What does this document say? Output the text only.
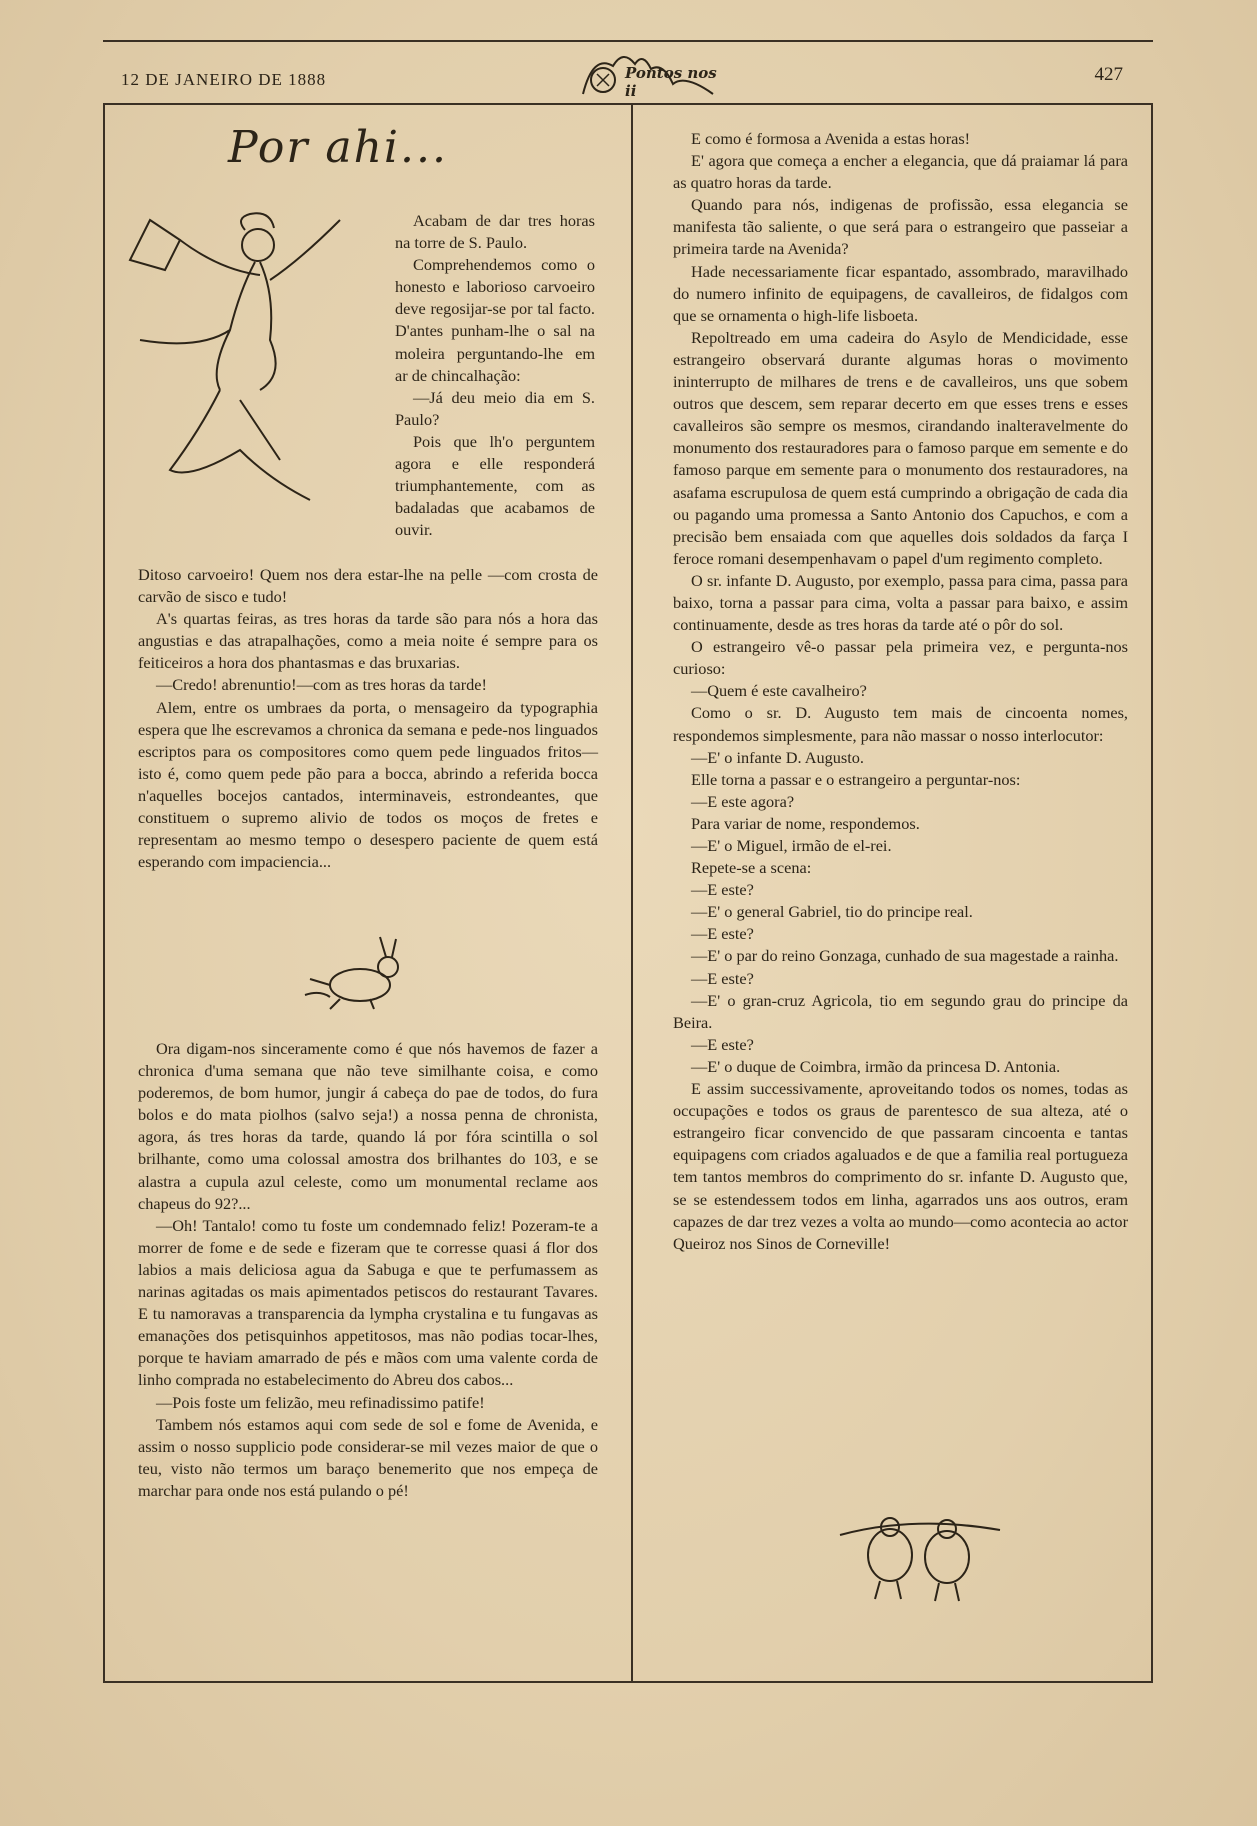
12 DE JANEIRO DE 1888	Pontos nos ii
427
Por ahi...

Acabam de dar tres horas na torre de S. Paulo.

Comprehendemos como o honesto e laborioso carvoeiro deve regosijar-se por tal facto. D'antes punham-lhe o sal na moleira perguntando-lhe em ar de chincalhação:

—Já deu meio dia em S. Paulo?

Pois que lh'o perguntem agora e elle responderá triumphantemente, com as badaladas que acabamos de ouvir.

Ditoso carvoeiro! Quem nos dera estar-lhe na pelle —com crosta de carvão de sisco e tudo!

A's quartas feiras, as tres horas da tarde são para nós a hora das angustias e das atrapalhações, como a meia noite é sempre para os feiticeiros a hora dos phantasmas e das bruxarias.

—Credo! abrenuntio!—com as tres horas da tarde!

Alem, entre os umbraes da porta, o mensageiro da typographia espera que lhe escrevamos a chronica da semana e pede-nos linguados escriptos para os compositores como quem pede linguados fritos—isto é, como quem pede pão para a bocca, abrindo a referida bocca n'aquelles bocejos cantados, interminaveis, estrondeantes, que constituem o supremo alivio de todos os moços de fretes e representam ao mesmo tempo o desespero paciente de quem está esperando com impaciencia...

Ora digam-nos sinceramente como é que nós havemos de fazer a chronica d'uma semana que não teve similhante coisa, e como poderemos, de bom humor, jungir á cabeça do pae de todos, do fura bolos e do mata piolhos (salvo seja!) a nossa penna de chronista, agora, ás tres horas da tarde, quando lá por fóra scintilla o sol brilhante, como uma colossal amostra dos brilhantes do 103, e se alastra a cupula azul celeste, como um monumental reclame aos chapeus do 92?...

—Oh! Tantalo! como tu foste um condemnado feliz! Pozeram-te a morrer de fome e de sede e fizeram que te corresse quasi á flor dos labios a mais deliciosa agua da Sabuga e que te perfumassem as narinas agitadas os mais apimentados petiscos do restaurant Tavares. E tu namoravas a transparencia da lympha crystalina e tu fungavas as emanações dos petisquinhos appetitosos, mas não podias tocar-lhes, porque te haviam amarrado de pés e mãos com uma valente corda de linho comprada no estabelecimento do Abreu dos cabos...

—Pois foste um felizão, meu refinadissimo patife!

Tambem nós estamos aqui com sede de sol e fome de Avenida, e assim o nosso supplicio pode considerar-se mil vezes maior de que o teu, visto não termos um baraço benemerito que nos empeça de marchar para onde nos está pulando o pé!

E como é formosa a Avenida a estas horas!

E' agora que começa a encher a elegancia, que dá praiamar lá para as quatro horas da tarde.

Quando para nós, indigenas de profissão, essa elegancia se manifesta tão saliente, o que será para o estrangeiro que passeiar a primeira tarde na Avenida?

Hade necessariamente ficar espantado, assombrado, maravilhado do numero infinito de equipagens, de cavalleiros, de fidalgos com que se ornamenta o high-life lisboeta.

Repoltreado em uma cadeira do Asylo de Mendicidade, esse estrangeiro observará durante algumas horas o movimento ininterrupto de milhares de trens e de cavalleiros, uns que sobem outros que descem, sem reparar decerto em que esses trens e esses cavalleiros são sempre os mesmos, cirandando inalteravelmente do monumento dos restauradores para o famoso parque em semente e do famoso parque em semente para o monumento dos restauradores, na asafama escrupulosa de quem está cumprindo a obrigação de cada dia ou pagando uma promessa a Santo Antonio dos Capuchos, e com a precisão bem ensaiada com que aquelles dois soldados da farça I feroce romani desempenhavam o papel d'um regimento completo.

O sr. infante D. Augusto, por exemplo, passa para cima, passa para baixo, torna a passar para cima, volta a passar para baixo, e assim continuamente, desde as tres horas da tarde até o pôr do sol.

O estrangeiro vê-o passar pela primeira vez, e pergunta-nos curioso:

—Quem é este cavalheiro?

Como o sr. D. Augusto tem mais de cincoenta nomes, respondemos simplesmente, para não massar o nosso interlocutor:

—E' o infante D. Augusto.

Elle torna a passar e o estrangeiro a perguntar-nos:

—E este agora?

Para variar de nome, respondemos.

—E' o Miguel, irmão de el-rei.

Repete-se a scena:

—E este?

—E' o general Gabriel, tio do principe real.

—E este?

—E' o par do reino Gonzaga, cunhado de sua magestade a rainha.

—E este?

—E' o gran-cruz Agricola, tio em segundo grau do principe da Beira.

—E este?

—E' o duque de Coimbra, irmão da princesa D. Antonia.

E assim successivamente, aproveitando todos os nomes, todas as occupações e todos os graus de parentesco de sua alteza, até o estrangeiro ficar convencido de que passaram cincoenta e tantas equipagens com criados agaluados e de que a familia real portugueza tem tantos membros do comprimento do sr. infante D. Augusto que, se se estendessem todos em linha, agarrados uns aos outros, eram capazes de dar trez vezes a volta ao mundo—como acontecia ao actor Queiroz nos Sinos de Corneville!
